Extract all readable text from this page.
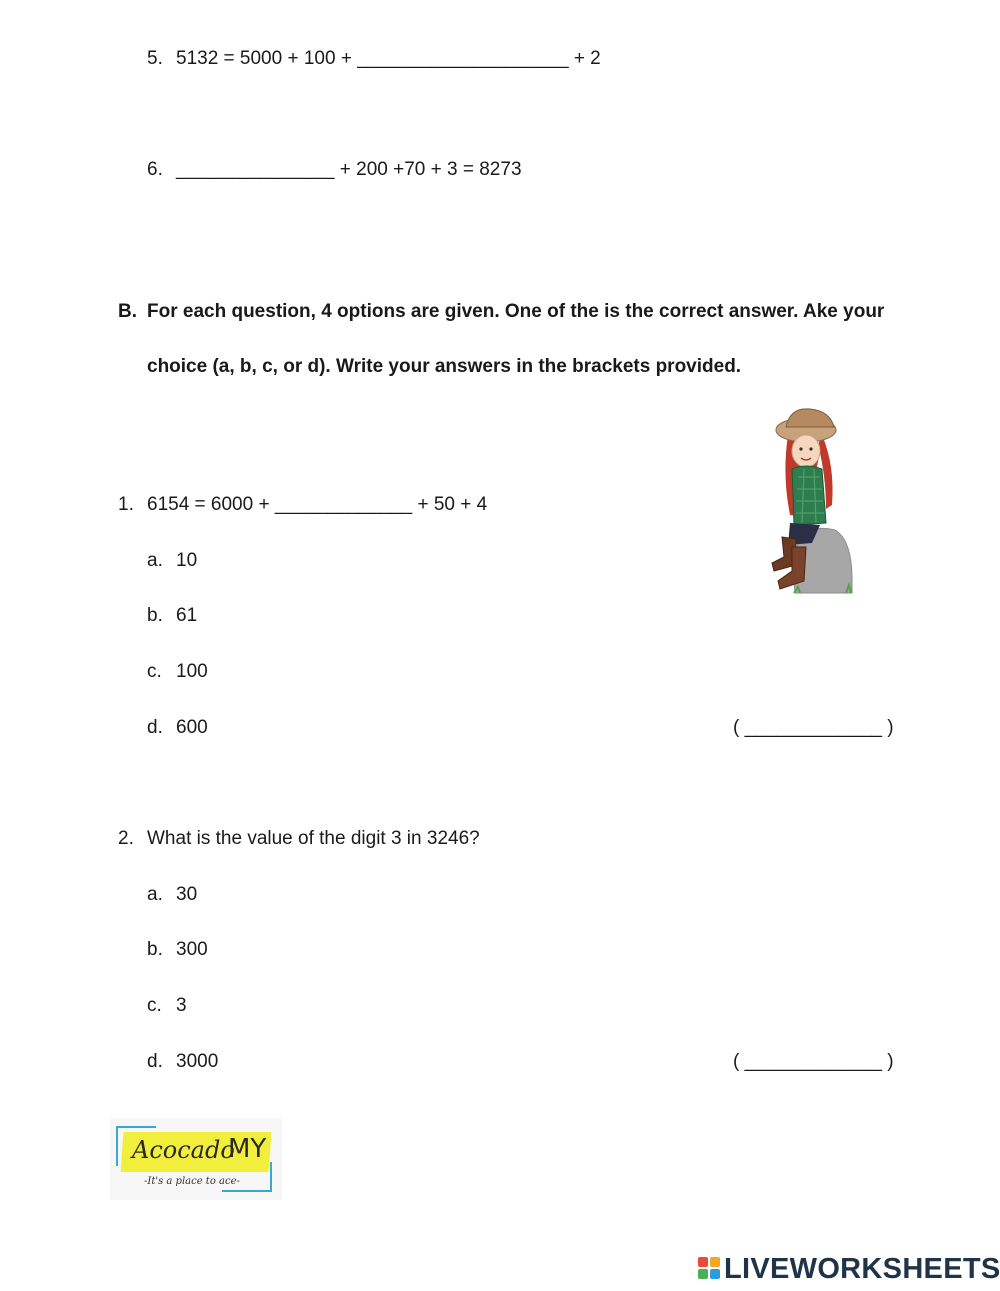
5. 5132 = 5000 + 100 + ____________________ + 2
6. _______________ + 200 +70 + 3 = 8273
B. For each question, 4 options are given. One of the is the correct answer. Ake your
choice (a, b, c, or d). Write your answers in the brackets provided.
1. 6154 = 6000 + _____________ + 50 + 4
a. 10
b. 61
c. 100
d. 600	( _____________ )
2. What is the value of the digit 3 in 3246?
a. 30
b. 300
c. 3
d. 3000	( _____________ )
Acocado
MY
-It's a place to ace-
LIVEWORKSHEETS
